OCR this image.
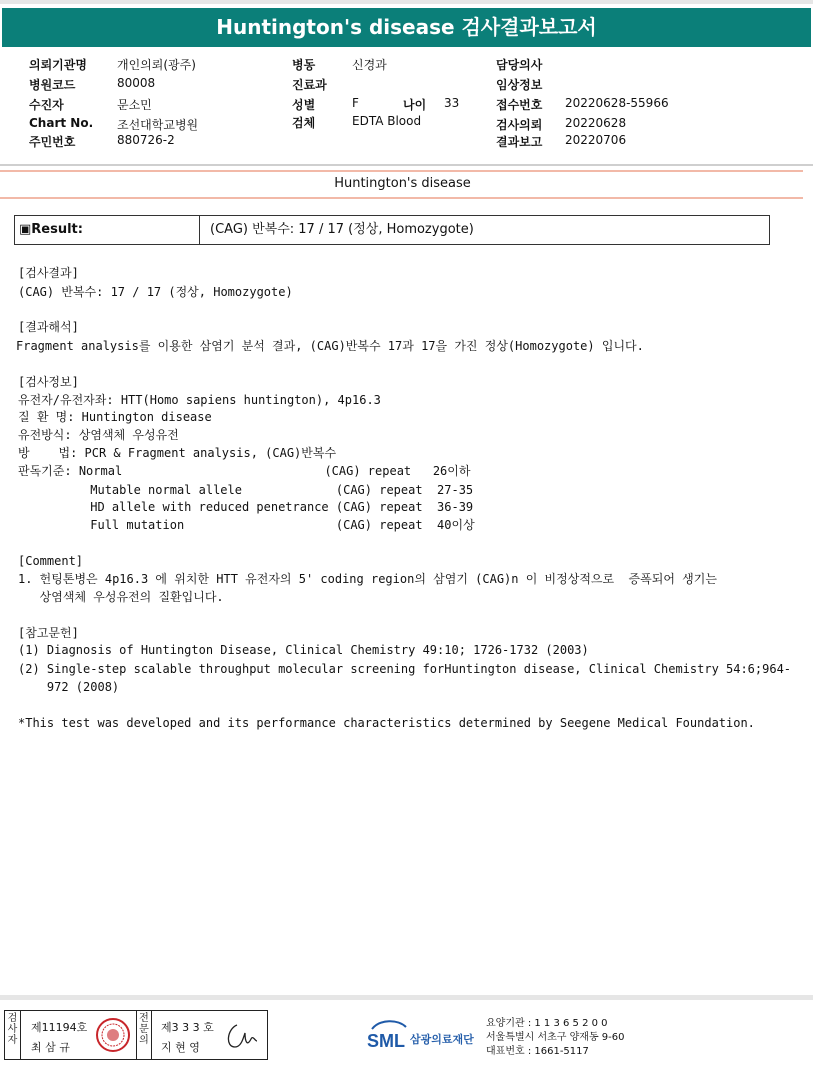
Huntington's disease 검사결과보고서
의뢰기관명	개인의뢰(광주)
병원코드	80008
수진자	문소민
Chart No. 조선대학교병원
주민번호	880726-2
병동	신경과
진료과
성별	F	나이 33
검체	EDTA Blood
담당의사
임상정보
접수번호 20220628-55966
검사의뢰 20220628
결과보고 20220706
Huntington's disease
▣Result:	(CAG) 반복수: 17 / 17 (정상, Homozygote)
[검사결과]
(CAG) 반복수: 17 / 17 (정상, Homozygote)
[결과해석]
Fragment analysis를 이용한 삼염기 분석 결과, (CAG)반복수 17과 17을 가진 정상(Homozygote) 입니다.
[검사정보]
유전자/유전자좌: HTT(Homo sapiens huntington), 4p16.3
질 환 명: Huntington disease
유전방식: 상염색체 우성유전
방    법: PCR & Fragment analysis, (CAG)반복수
판독기준: Normal                            (CAG) repeat   26이하
Mutable normal allele             (CAG) repeat  27-35
HD allele with reduced penetrance (CAG) repeat  36-39
Full mutation                     (CAG) repeat  40이상
[Comment]
1. 헌팅톤병은 4p16.3 에 위치한 HTT 유전자의 5' coding region의 삼염기 (CAG)n 이 비정상적으로  증폭되어 생기는
상염색체 우성유전의 질환입니다.
[참고문헌]
(1) Diagnosis of Huntington Disease, Clinical Chemistry 49:10; 1726-1732 (2003)
(2) Single-step scalable throughput molecular screening forHuntington disease, Clinical Chemistry 54:6;964-
972 (2008)
*This test was developed and its performance characteristics determined by Seegene Medical Foundation.
검사자
제11194호
최 삼 규
전문의
제3 3 3 호
지 현 영	SML 삼광의료재단
요양기관 : 1 1 3 6 5 2 0 0
서울특별시 서초구 양재동 9-60
대표번호 : 1661-5117
